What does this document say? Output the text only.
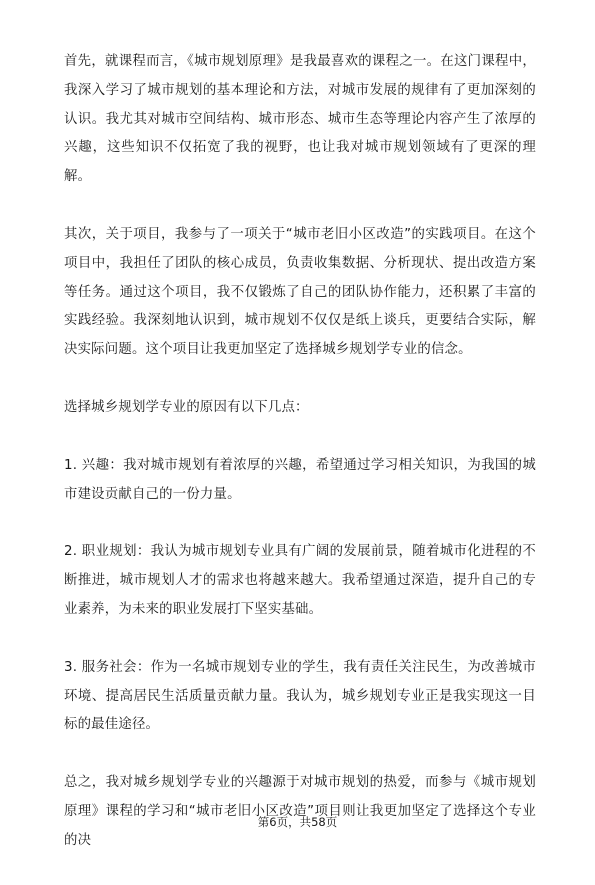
首先，就课程而言，《城市规划原理》是我最喜欢的课程之一。在这门课程中，我深入学习了城市规划的基本理论和方法，对城市发展的规律有了更加深刻的认识。我尤其对城市空间结构、城市形态、城市生态等理论内容产生了浓厚的兴趣，这些知识不仅拓宽了我的视野，也让我对城市规划领域有了更深的理解。

其次，关于项目，我参与了一项关于“城市老旧小区改造”的实践项目。在这个项目中，我担任了团队的核心成员，负责收集数据、分析现状、提出改造方案等任务。通过这个项目，我不仅锻炼了自己的团队协作能力，还积累了丰富的实践经验。我深刻地认识到，城市规划不仅仅是纸上谈兵，更要结合实际，解决实际问题。这个项目让我更加坚定了选择城乡规划学专业的信念。

选择城乡规划学专业的原因有以下几点：

1. 兴趣：我对城市规划有着浓厚的兴趣，希望通过学习相关知识，为我国的城市建设贡献自己的一份力量。

2. 职业规划：我认为城市规划专业具有广阔的发展前景，随着城市化进程的不断推进，城市规划人才的需求也将越来越大。我希望通过深造，提升自己的专业素养，为未来的职业发展打下坚实基础。

3. 服务社会：作为一名城市规划专业的学生，我有责任关注民生，为改善城市环境、提高居民生活质量贡献力量。我认为，城乡规划专业正是我实现这一目标的最佳途径。

总之，我对城乡规划学专业的兴趣源于对城市规划的热爱，而参与《城市规划原理》课程的学习和“城市老旧小区改造”项目则让我更加坚定了选择这个专业的决

第6页，共58页
